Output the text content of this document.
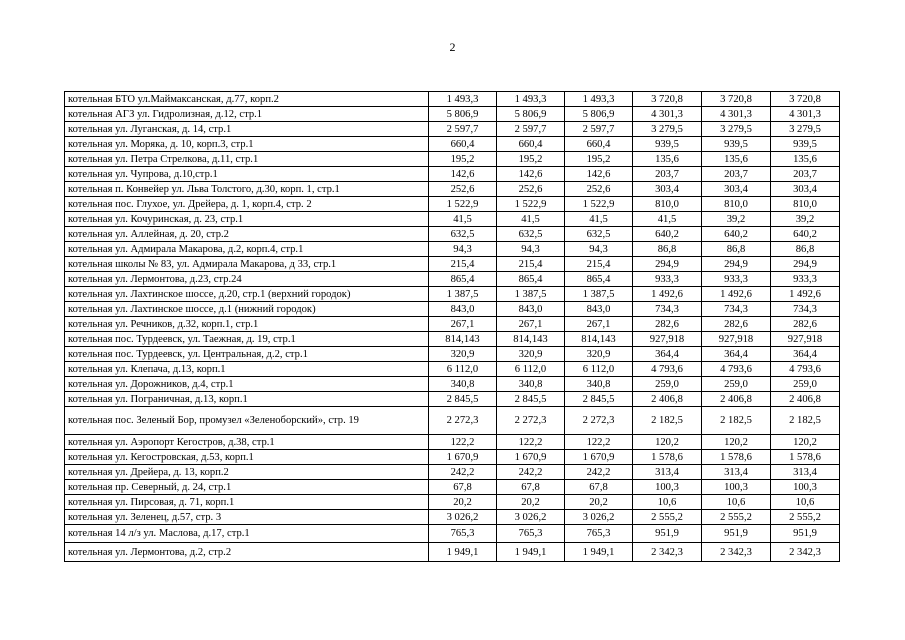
2
котельная БТО ул.Маймаксанская, д.77, корп.2	1 493,3	1 493,3	1 493,3	3 720,8	3 720,8	3 720,8
котельная АГЗ ул. Гидролизная, д.12, стр.1	5 806,9	5 806,9	5 806,9	4 301,3	4 301,3	4 301,3
котельная ул. Луганская, д. 14, стр.1	2 597,7	2 597,7	2 597,7	3 279,5	3 279,5	3 279,5
котельная ул. Моряка, д. 10, корп.3, стр.1	660,4	660,4	660,4	939,5	939,5	939,5
котельная ул. Петра Стрелкова, д.11, стр.1	195,2	195,2	195,2	135,6	135,6	135,6
котельная ул. Чупрова, д.10,стр.1	142,6	142,6	142,6	203,7	203,7	203,7
котельная п. Конвейер ул. Льва Толстого, д.30, корп. 1, стр.1	252,6	252,6	252,6	303,4	303,4	303,4
котельная пос. Глухое, ул. Дрейера, д. 1, корп.4, стр. 2	1 522,9	1 522,9	1 522,9	810,0	810,0	810,0
котельная ул. Кочуринская, д. 23, стр.1	41,5	41,5	41,5	41,5	39,2	39,2
котельная ул. Аллейная, д. 20, стр.2	632,5	632,5	632,5	640,2	640,2	640,2
котельная ул. Адмирала Макарова, д.2, корп.4, стр.1	94,3	94,3	94,3	86,8	86,8	86,8
котельная школы № 83, ул. Адмирала Макарова, д 33, стр.1	215,4	215,4	215,4	294,9	294,9	294,9
котельная ул. Лермонтова, д.23, стр.24	865,4	865,4	865,4	933,3	933,3	933,3
котельная ул. Лахтинское шоссе, д.20, стр.1 (верхний городок)	1 387,5	1 387,5	1 387,5	1 492,6	1 492,6	1 492,6
котельная ул. Лахтинское шоссе, д.1 (нижний городок)	843,0	843,0	843,0	734,3	734,3	734,3
котельная ул. Речников, д.32, корп.1, стр.1	267,1	267,1	267,1	282,6	282,6	282,6
котельная пос. Турдеевск, ул. Таежная, д. 19, стр.1	814,143	814,143	814,143	927,918	927,918	927,918
котельная пос. Турдеевск, ул. Центральная, д.2, стр.1	320,9	320,9	320,9	364,4	364,4	364,4
котельная ул. Клепача, д.13, корп.1	6 112,0	6 112,0	6 112,0	4 793,6	4 793,6	4 793,6
котельная ул. Дорожников, д.4, стр.1	340,8	340,8	340,8	259,0	259,0	259,0
котельная ул. Пограничная, д.13, корп.1	2 845,5	2 845,5	2 845,5	2 406,8	2 406,8	2 406,8
котельная пос. Зеленый Бор, промузел «Зеленоборский», стр. 19	2 272,3	2 272,3	2 272,3	2 182,5	2 182,5	2 182,5
котельная ул. Аэропорт Кегостров, д.38, стр.1	122,2	122,2	122,2	120,2	120,2	120,2
котельная ул. Кегостровская, д.53, корп.1	1 670,9	1 670,9	1 670,9	1 578,6	1 578,6	1 578,6
котельная ул. Дрейера, д. 13, корп.2	242,2	242,2	242,2	313,4	313,4	313,4
котельная пр. Северный, д. 24, стр.1	67,8	67,8	67,8	100,3	100,3	100,3
котельная ул. Пирсовая, д. 71, корп.1	20,2	20,2	20,2	10,6	10,6	10,6
котельная ул. Зеленец, д.57, стр. 3	3 026,2	3 026,2	3 026,2	2 555,2	2 555,2	2 555,2
котельная 14 л/з ул. Маслова, д.17, стр.1	765,3	765,3	765,3	951,9	951,9	951,9
котельная ул. Лермонтова, д.2, стр.2	1 949,1	1 949,1	1 949,1	2 342,3	2 342,3	2 342,3
